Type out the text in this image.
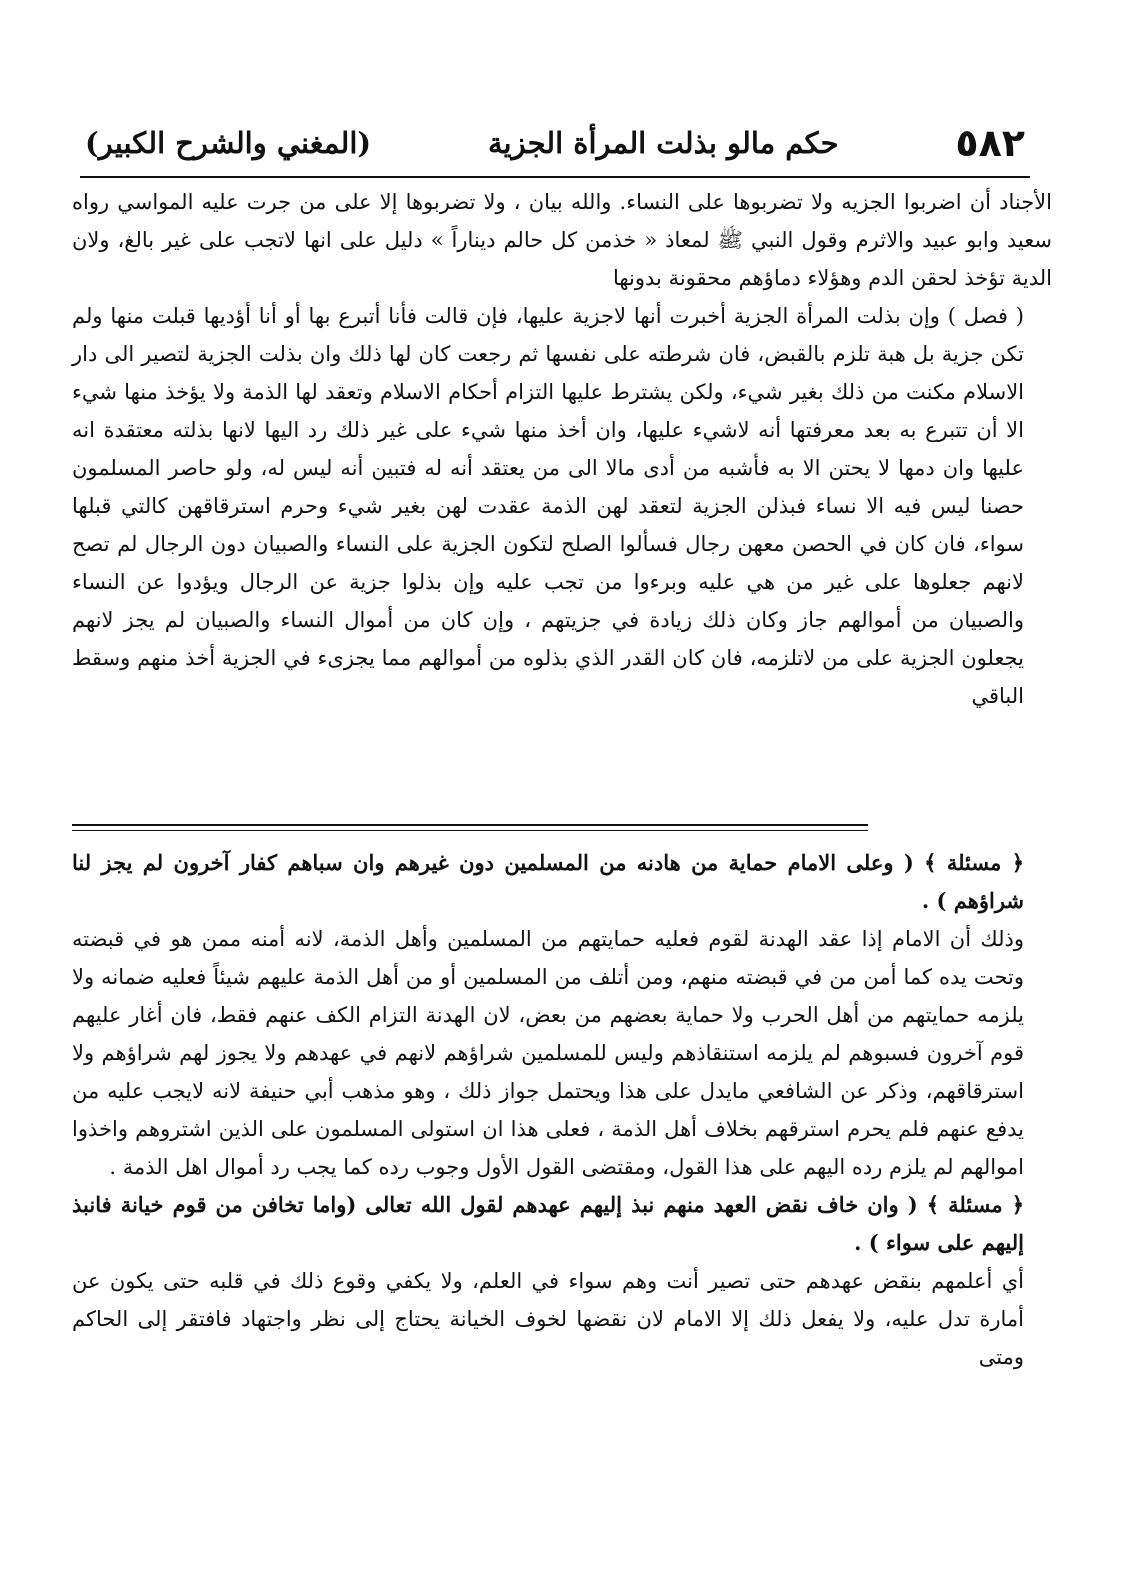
٥٨٢
حكم مالو بذلت المرأة الجزية
(المغني والشرح الكبير)

الأجناد أن اضربوا الجزيه ولا تضربوها على النساء. والله بيان ، ولا تضربوها إلا على من جرت عليه المواسي رواه سعيد وابو عبيد والاثرم وقول النبي ﷺ لمعاذ « خذمن كل حالم ديناراً » دليل على انها لاتجب على غير بالغ، ولان الدية تؤخذ لحقن الدم وهؤلاء دماؤهم محقونة بدونها

( فصل ) وإن بذلت المرأة الجزية أخبرت أنها لاجزية عليها، فإن قالت فأنا أتبرع بها أو أنا أؤديها قبلت منها ولم تكن جزية بل هبة تلزم بالقبض، فان شرطته على نفسها ثم رجعت كان لها ذلك وان بذلت الجزية لتصير الى دار الاسلام مكنت من ذلك بغير شيء، ولكن يشترط عليها التزام أحكام الاسلام وتعقد لها الذمة ولا يؤخذ منها شيء الا أن تتبرع به بعد معرفتها أنه لاشيء عليها، وان أخذ منها شيء على غير ذلك رد اليها لانها بذلته معتقدة انه عليها وان دمها لا يحتن الا به فأشبه من أدى مالا الى من يعتقد أنه له فتبين أنه ليس له، ولو حاصر المسلمون حصنا ليس فيه الا نساء فبذلن الجزية لتعقد لهن الذمة عقدت لهن بغير شيء وحرم استرقاقهن كالتي قبلها سواء، فان كان في الحصن معهن رجال فسألوا الصلح لتكون الجزية على النساء والصبيان دون الرجال لم تصح لانهم جعلوها على غير من هي عليه وبرءوا من تجب عليه وإن بذلوا جزية عن الرجال ويؤدوا عن النساء والصبيان من أموالهم جاز وكان ذلك زيادة في جزيتهم ، وإن كان من أموال النساء والصبيان لم يجز لانهم يجعلون الجزية على من لاتلزمه، فان كان القدر الذي بذلوه من أموالهم مما يجزىء في الجزية أخذ منهم وسقط الباقي

﴿ مسئلة ﴾ ( وعلى الامام حماية من هادنه من المسلمين دون غيرهم وان سباهم كفار آخرون لم يجز لنا شراؤهم ) .

وذلك أن الامام إذا عقد الهدنة لقوم فعليه حمايتهم من المسلمين وأهل الذمة، لانه أمنه ممن هو في قبضته وتحت يده كما أمن من في قبضته منهم، ومن أتلف من المسلمين أو من أهل الذمة عليهم شيئاً فعليه ضمانه ولا يلزمه حمايتهم من أهل الحرب ولا حماية بعضهم من بعض، لان الهدنة التزام الكف عنهم فقط، فان أغار عليهم قوم آخرون فسبوهم لم يلزمه استنقاذهم وليس للمسلمين شراؤهم لانهم في عهدهم ولا يجوز لهم شراؤهم ولا استرقاقهم، وذكر عن الشافعي مايدل على هذا ويحتمل جواز ذلك ، وهو مذهب أبي حنيفة لانه لايجب عليه من يدفع عنهم فلم يحرم استرقهم بخلاف أهل الذمة ، فعلى هذا ان استولى المسلمون على الذين اشتروهم واخذوا اموالهم لم يلزم رده اليهم على هذا القول، ومقتضى القول الأول وجوب رده كما يجب رد أموال اهل الذمة .

﴿ مسئلة ﴾ ( وان خاف نقض العهد منهم نبذ إليهم عهدهم لقول الله تعالى (واما تخافن من قوم خيانة فانبذ إليهم على سواء ) .

أي أعلمهم بنقض عهدهم حتى تصير أنت وهم سواء في العلم، ولا يكفي وقوع ذلك في قلبه حتى يكون عن أمارة تدل عليه، ولا يفعل ذلك إلا الامام لان نقضها لخوف الخيانة يحتاج إلى نظر واجتهاد فافتقر إلى الحاكم ومتى
